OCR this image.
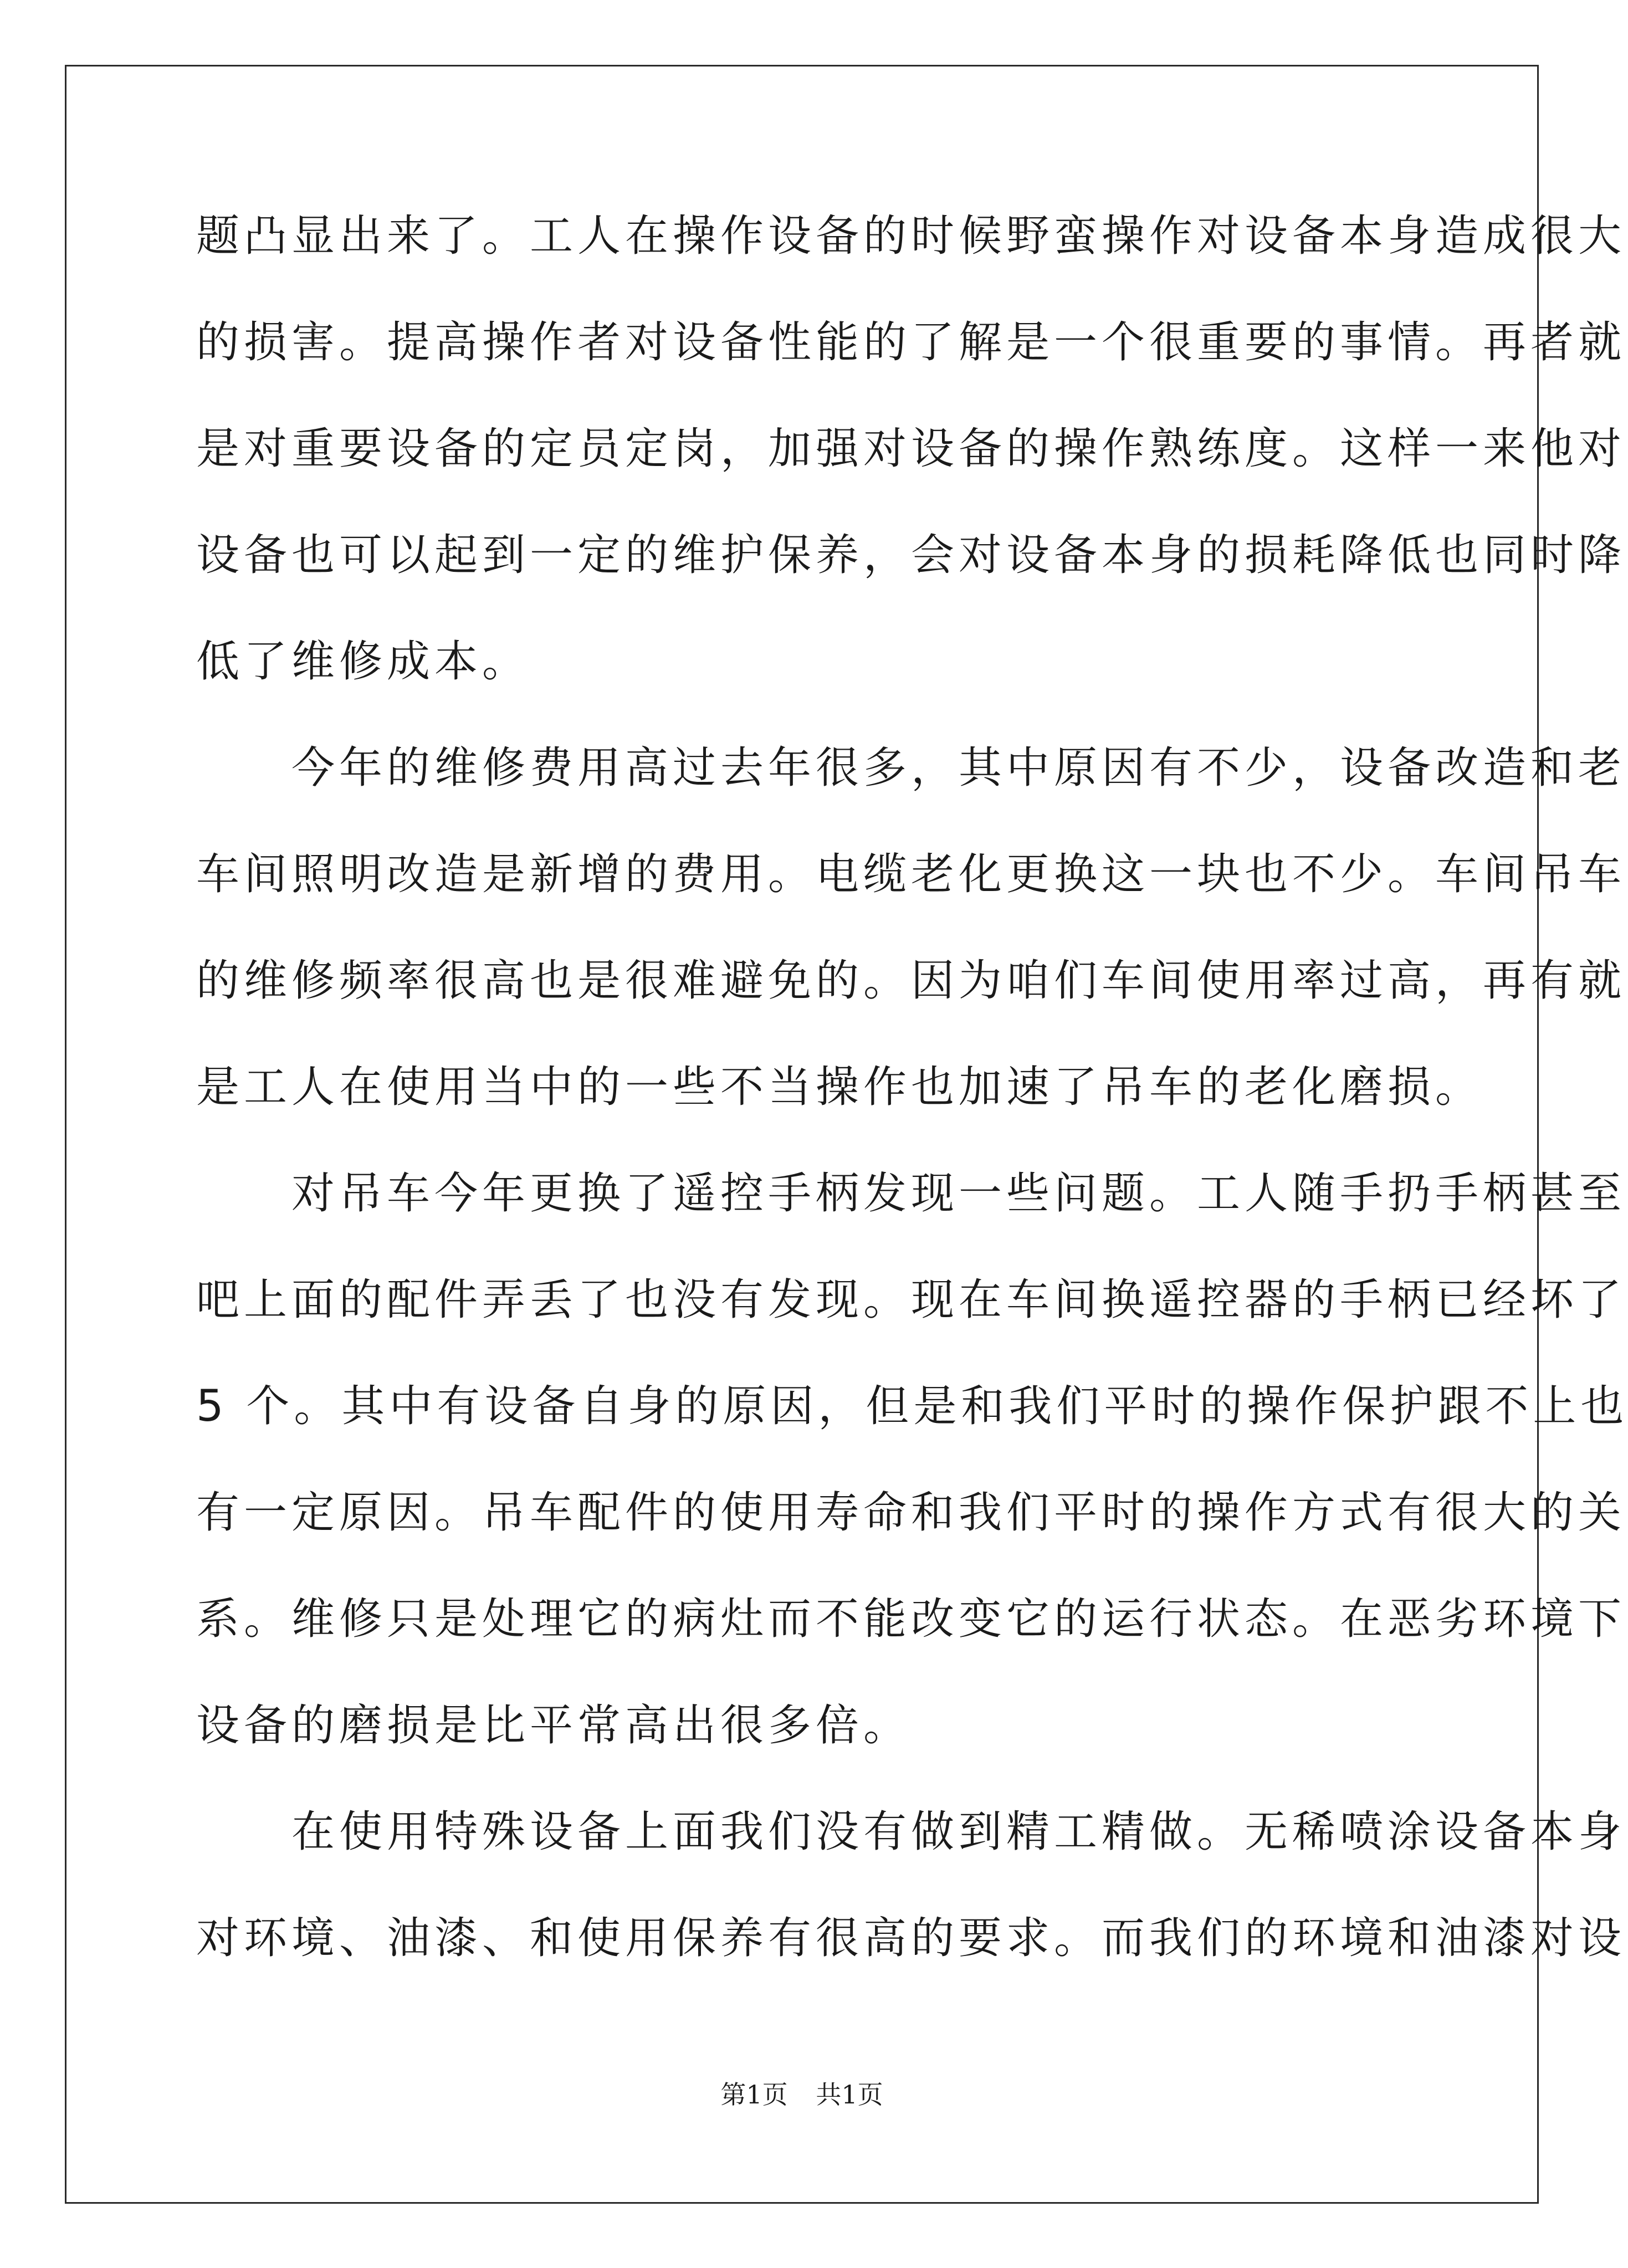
题凸显出来了。工人在操作设备的时候野蛮操作对设备本身造成很大
的损害。提高操作者对设备性能的了解是一个很重要的事情。再者就
是对重要设备的定员定岗，加强对设备的操作熟练度。这样一来他对
设备也可以起到一定的维护保养，会对设备本身的损耗降低也同时降
低了维修成本。
　　今年的维修费用高过去年很多，其中原因有不少，设备改造和老
车间照明改造是新增的费用。电缆老化更换这一块也不少。车间吊车
的维修频率很高也是很难避免的。因为咱们车间使用率过高，再有就
是工人在使用当中的一些不当操作也加速了吊车的老化磨损。
　　对吊车今年更换了遥控手柄发现一些问题。工人随手扔手柄甚至
吧上面的配件弄丢了也没有发现。现在车间换遥控器的手柄已经坏了
5 个。其中有设备自身的原因，但是和我们平时的操作保护跟不上也
有一定原因。吊车配件的使用寿命和我们平时的操作方式有很大的关
系。维修只是处理它的病灶而不能改变它的运行状态。在恶劣环境下
设备的磨损是比平常高出很多倍。
　　在使用特殊设备上面我们没有做到精工精做。无稀喷涂设备本身
对环境、油漆、和使用保养有很高的要求。而我们的环境和油漆对设
第1页 共1页
